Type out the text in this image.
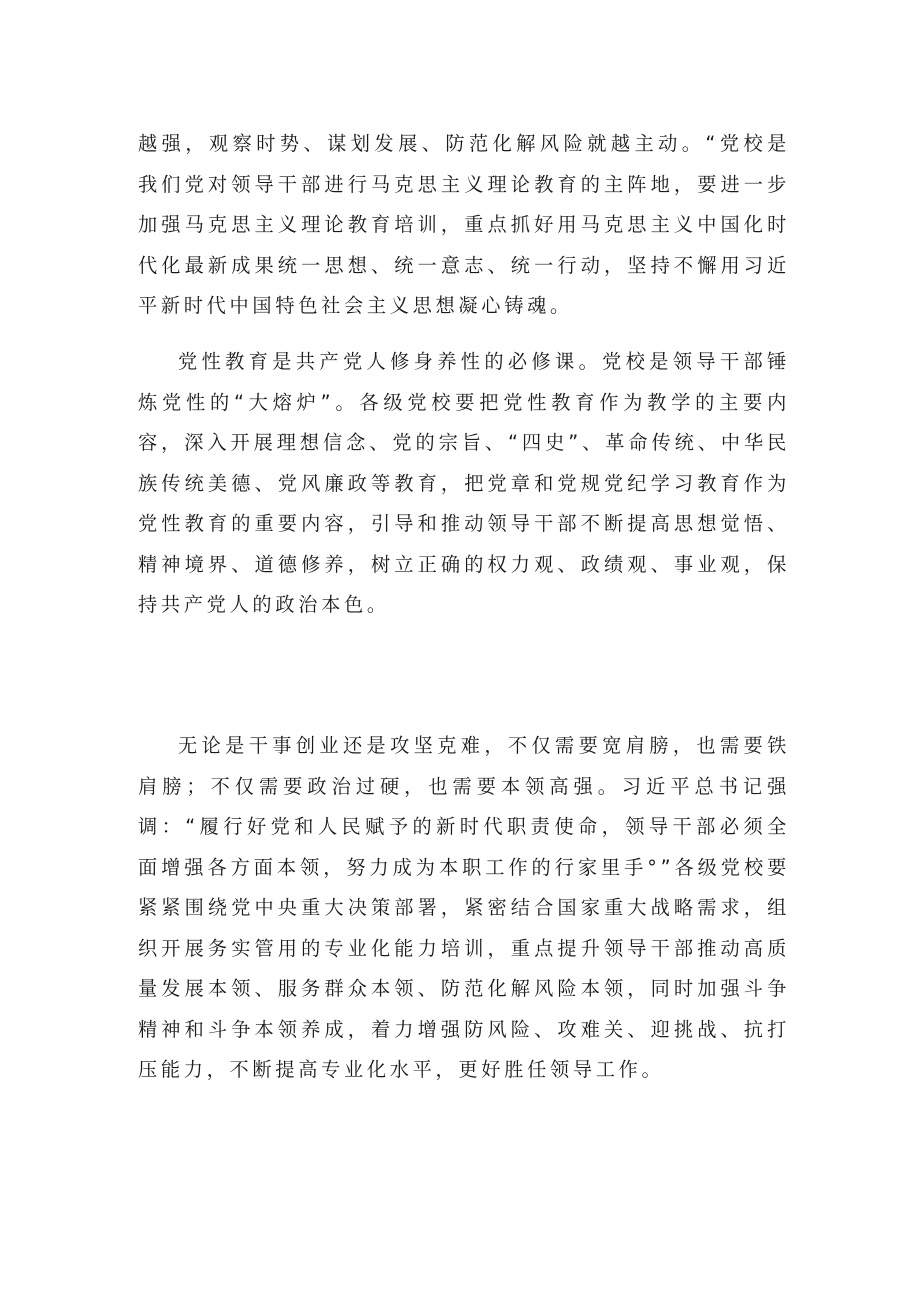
越强，观察时势、谋划发展、防范化解风险就越主动。“党校是我们党对领导干部进行马克思主义理论教育的主阵地，要进一步加强马克思主义理论教育培训，重点抓好用马克思主义中国化时代化最新成果统一思想、统一意志、统一行动，坚持不懈用习近平新时代中国特色社会主义思想凝心铸魂。

党性教育是共产党人修身养性的必修课。党校是领导干部锤炼党性的“大熔炉”。各级党校要把党性教育作为教学的主要内容，深入开展理想信念、党的宗旨、“四史”、革命传统、中华民族传统美德、党风廉政等教育，把党章和党规党纪学习教育作为党性教育的重要内容，引导和推动领导干部不断提高思想觉悟、精神境界、道德修养，树立正确的权力观、政绩观、事业观，保持共产党人的政治本色。

无论是干事创业还是攻坚克难，不仅需要宽肩膀，也需要铁肩膀；不仅需要政治过硬，也需要本领高强。习近平总书记强调：“履行好党和人民赋予的新时代职责使命，领导干部必须全面增强各方面本领，努力成为本职工作的行家里手°”各级党校要紧紧围绕党中央重大决策部署，紧密结合国家重大战略需求，组织开展务实管用的专业化能力培训，重点提升领导干部推动高质量发展本领、服务群众本领、防范化解风险本领，同时加强斗争精神和斗争本领养成，着力增强防风险、攻难关、迎挑战、抗打压能力，不断提高专业化水平，更好胜任领导工作。
